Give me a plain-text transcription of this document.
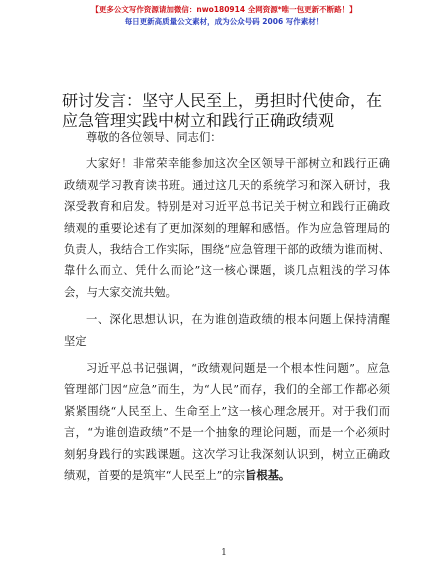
【更多公文写作资源请加微信：nwo180914 全网资源*唯一包更新不断路！】
每日更新高质量公文素材，成为公众号码 2006 写作素材！
研讨发言：坚守人民至上，勇担时代使命，在应急管理实践中树立和践行正确政绩观

尊敬的各位领导、同志们：

大家好！非常荣幸能参加这次全区领导干部树立和践行正确政绩观学习教育读书班。通过这几天的系统学习和深入研讨，我深受教育和启发。特别是对习近平总书记关于树立和践行正确政绩观的重要论述有了更加深刻的理解和感悟。作为应急管理局的负责人，我结合工作实际，围绕“应急管理干部的政绩为谁而树、靠什么而立、凭什么而论”这一核心课题，谈几点粗浅的学习体会，与大家交流共勉。

一、深化思想认识，在为谁创造政绩的根本问题上保持清醒坚定

习近平总书记强调，“政绩观问题是一个根本性问题”。应急管理部门因“应急”而生，为“人民”而存，我们的全部工作都必须紧紧围绕“人民至上、生命至上”这一核心理念展开。对于我们而言，“为谁创造政绩”不是一个抽象的理论问题，而是一个必须时刻躬身践行的实践课题。这次学习让我深刻认识到，树立正确政绩观，首要的是筑牢“人民至上”的宗旨根基。

1
